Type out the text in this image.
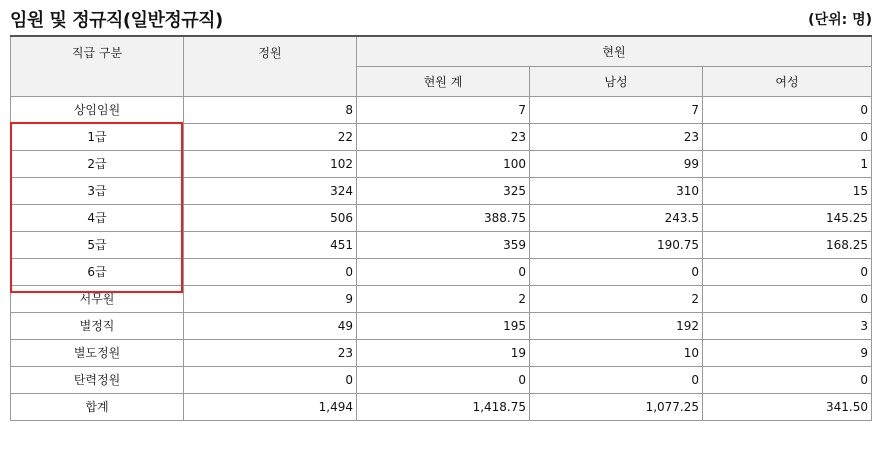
임원 및 정규직(일반정규직)	(단위: 명)
직급 구분	정원	현원		
		현원 계	남성	여성
상임임원	8	7	7	0
1급	22	23	23	0
2급	102	100	99	1
3급	324	325	310	15
4급	506	388.75	243.5	145.25
5급	451	359	190.75	168.25
6급	0	0	0	0
서무원	9	2	2	0
별정직	49	195	192	3
별도정원	23	19	10	9
탄력정원	0	0	0	0
합계	1,494	1,418.75	1,077.25	341.50
